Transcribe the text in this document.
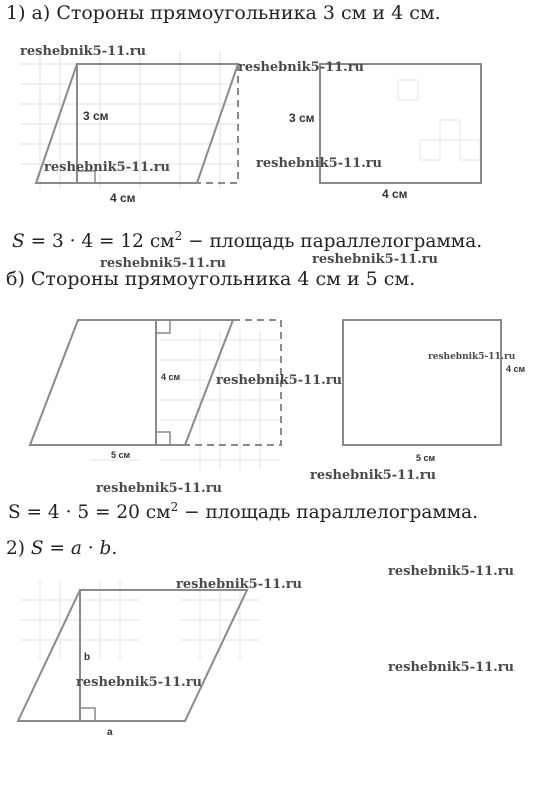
3 см
4 см
3 см
4 см
4 см
5 см
4 см
5 см
b
a
1) а) Стороны прямоугольника 3 см и 4 см.
S = 3 · 4 = 12 $см^2$ − площадь параллелограмма.
б) Стороны прямоугольника 4 см и 5 см.
S = 4 · 5 = 20 $см^2$ − площадь параллелограмма.
2) S = a · b.
reshebnik5-11.ru
reshebnik5-11.ru
reshebnik5-11.ru	reshebnik5-11.ru
reshebnik5-11.ru	reshebnik5-11.ru
reshebnik5-11.ru
reshebnik5-11.ru
reshebnik5-11.ru
reshebnik5-11.ru
reshebnik5-11.ru
reshebnik5-11.ru
reshebnik5-11.ru
reshebnik5-11.ru
